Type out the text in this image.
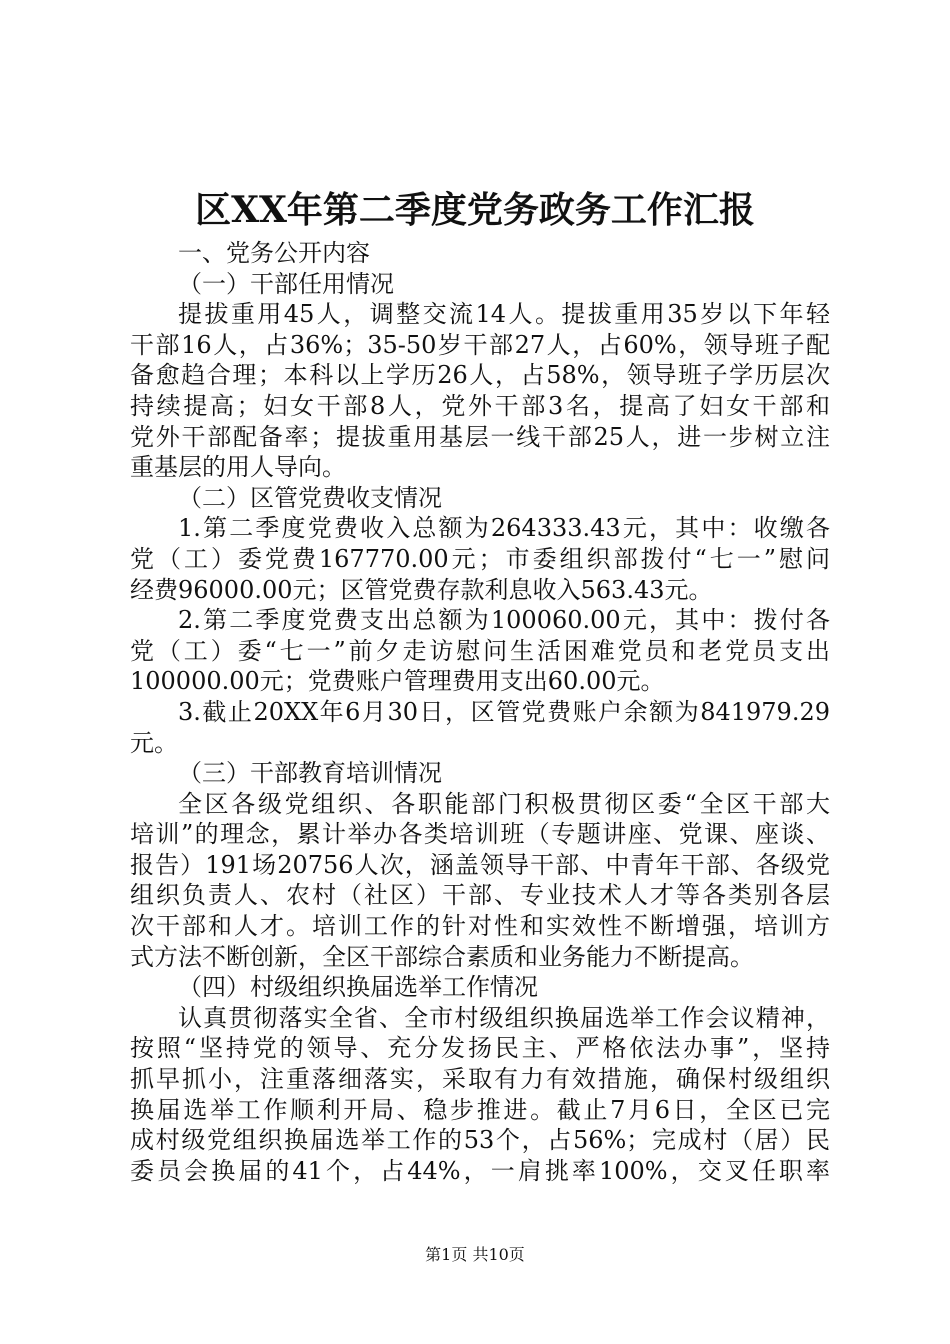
区XX年第二季度党务政务工作汇报
一、党务公开内容
（一）干部任用情况
提拔重用45人，调整交流14人。提拔重用35岁以下年轻
干部16人，占36%；35-50岁干部27人，占60%，领导班子配
备愈趋合理；本科以上学历26人，占58%，领导班子学历层次
持续提高；妇女干部8人，党外干部3名，提高了妇女干部和
党外干部配备率；提拔重用基层一线干部25人，进一步树立注
重基层的用人导向。
（二）区管党费收支情况
1.第二季度党费收入总额为264333.43元，其中：收缴各
党（工）委党费167770.00元；市委组织部拨付“七一”慰问
经费96000.00元；区管党费存款利息收入563.43元。
2.第二季度党费支出总额为100060.00元，其中：拨付各
党（工）委“七一”前夕走访慰问生活困难党员和老党员支出
100000.00元；党费账户管理费用支出60.00元。
3.截止20XX年6月30日，区管党费账户余额为841979.29
元。
（三）干部教育培训情况
全区各级党组织、各职能部门积极贯彻区委“全区干部大
培训”的理念，累计举办各类培训班（专题讲座、党课、座谈、
报告）191场20756人次，涵盖领导干部、中青年干部、各级党
组织负责人、农村（社区）干部、专业技术人才等各类别各层
次干部和人才。培训工作的针对性和实效性不断增强，培训方
式方法不断创新，全区干部综合素质和业务能力不断提高。
（四）村级组织换届选举工作情况
认真贯彻落实全省、全市村级组织换届选举工作会议精神，
按照“坚持党的领导、充分发扬民主、严格依法办事”，坚持
抓早抓小，注重落细落实，采取有力有效措施，确保村级组织
换届选举工作顺利开局、稳步推进。截止7月6日，全区已完
成村级党组织换届选举工作的53个，占56%；完成村（居）民
委员会换届的41个，占44%，一肩挑率100%，交叉任职率
第1页 共10页
